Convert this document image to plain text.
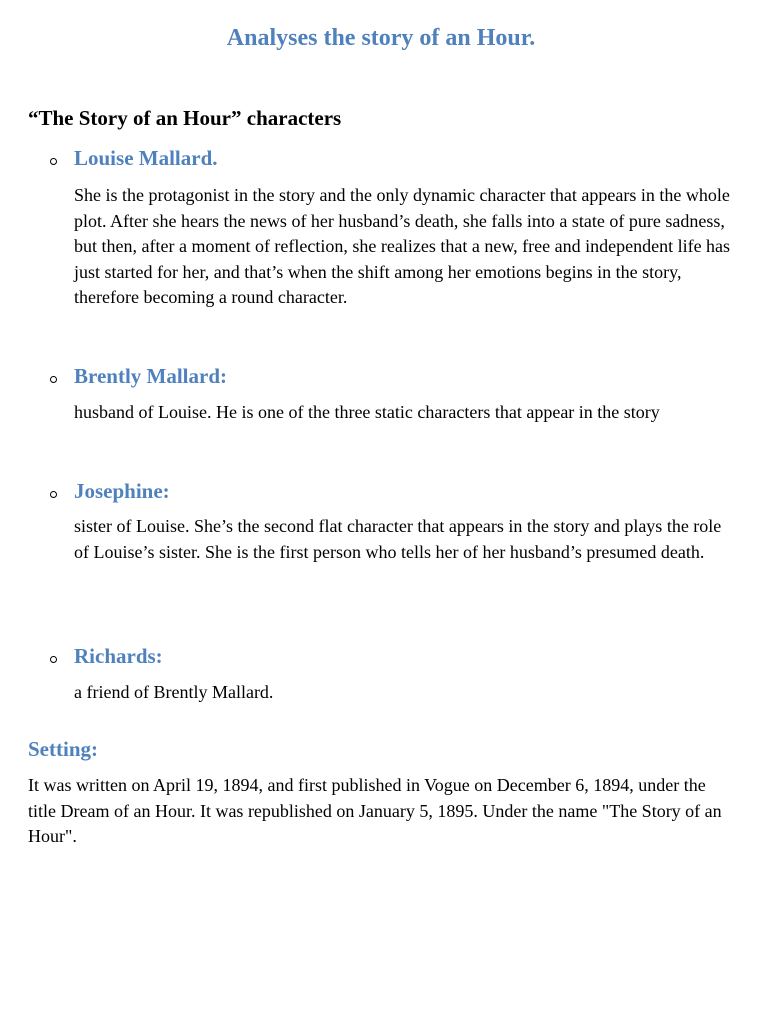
Analyses the story of an Hour.
“The Story of an Hour” characters
Louise Mallard.

She is the protagonist in the story and the only dynamic character that appears in the whole plot. After she hears the news of her husband’s death, she falls into a state of pure sadness, but then, after a moment of reflection, she realizes that a new, free and independent life has just started for her, and that’s when the shift among her emotions begins in the story, therefore becoming a round character.

Brently Mallard:

husband of Louise. He is one of the three static characters that appear in the story

Josephine:

sister of Louise. She’s the second flat character that appears in the story and plays the role of Louise’s sister. She is the first person who tells her of her husband’s presumed death.

Richards:

a friend of Brently Mallard.

Setting:

It was written on April 19, 1894, and first published in Vogue on December 6, 1894, under the title Dream of an Hour. It was republished on January 5, 1895. Under the name "The Story of an Hour".
